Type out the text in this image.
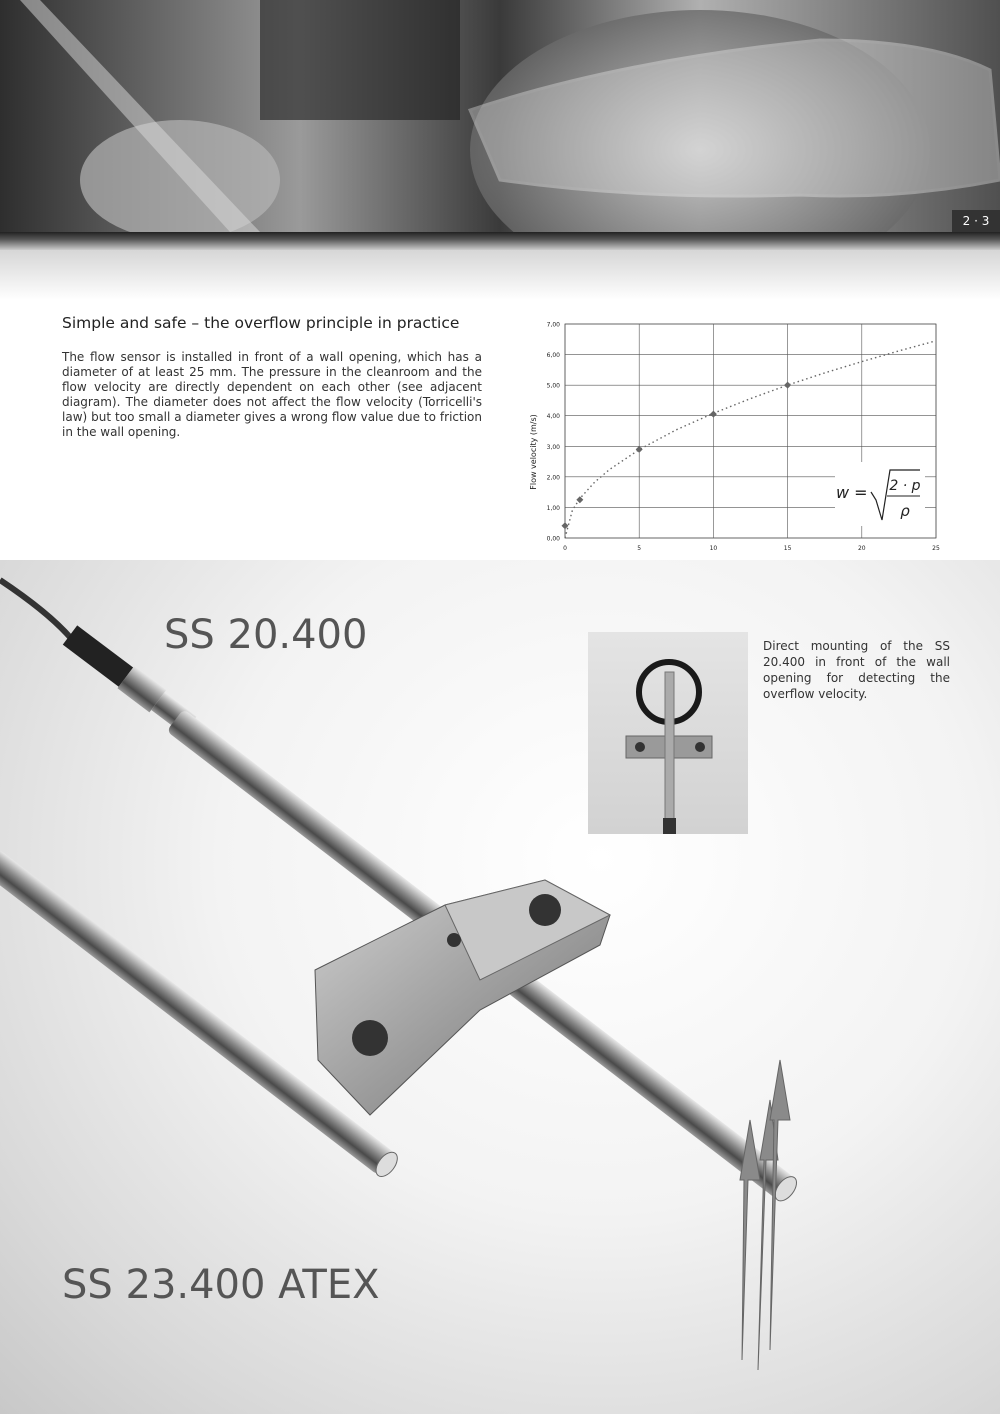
2 · 3
Simple and safe – the overflow principle in practice

The flow sensor is installed in front of a wall opening, which has a diameter of at least 25 mm. The pressure in the cleanroom and the flow velocity are directly dependent on each other (see adjacent diagram). The diameter does not affect the flow velocity (Torricelli's law) but too small a diameter gives a wrong flow value due to friction in the wall opening.

0,00
1,00
2,00
3,00
4,00
5,00
6,00
7,00
0	5	10	15	20	25
Flow velocity (m/s)
w = 2 · p
ρ
SS 20.400
SS 23.400 ATEX

Direct mounting of the SS 20.400 in front of the wall opening for detecting the overflow velocity.
